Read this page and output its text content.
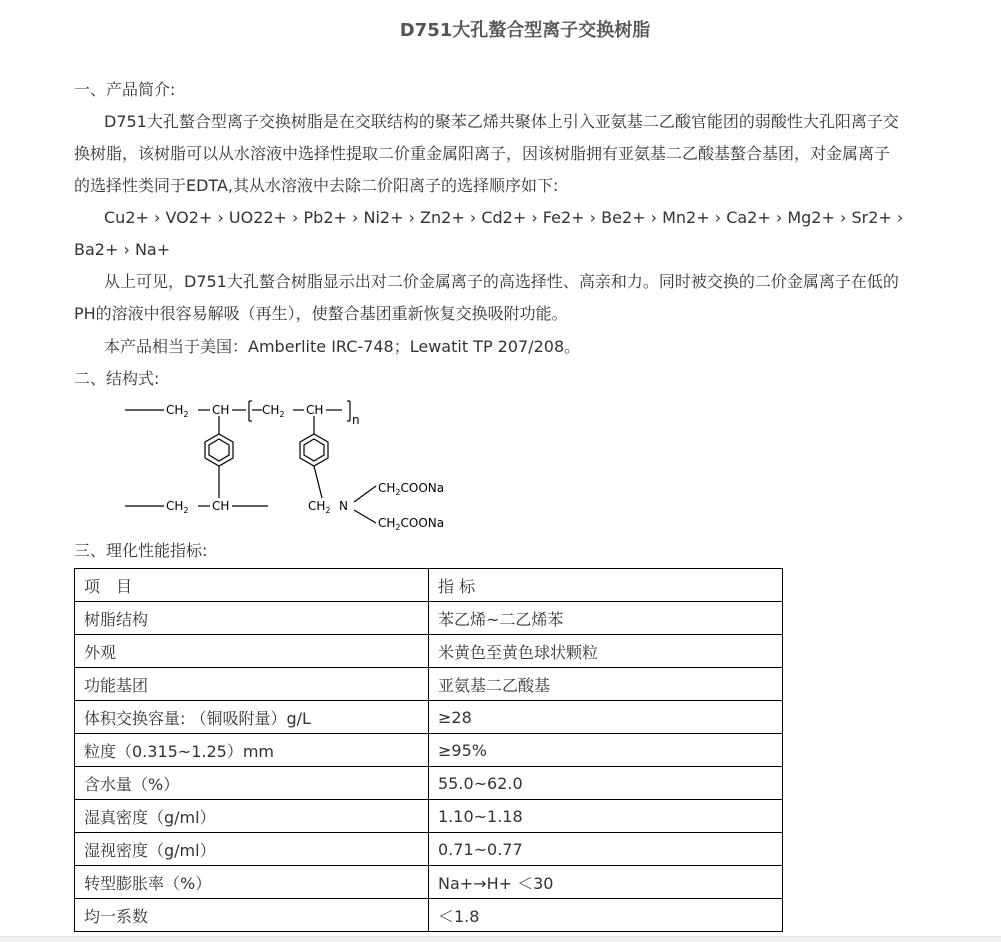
D751大孔螯合型离子交换树脂
一、产品简介:
D751大孔螯合型离子交换树脂是在交联结构的聚苯乙烯共聚体上引入亚氨基二乙酸官能团的弱酸性大孔阳离子交
换树脂，该树脂可以从水溶液中选择性提取二价重金属阳离子，因该树脂拥有亚氨基二乙酸基螯合基团，对金属离子
的选择性类同于EDTA,其从水溶液中去除二价阳离子的选择顺序如下:
Cu2+ › VO2+ › UO22+ › Pb2+ › Ni2+ › Zn2+ › Cd2+ › Fe2+ › Be2+ › Mn2+ › Ca2+ › Mg2+ › Sr2+ ›
Ba2+ › Na+
从上可见，D751大孔螯合树脂显示出对二价金属离子的高选择性、高亲和力。同时被交换的二价金属离子在低的
PH的溶液中很容易解吸（再生），使螯合基团重新恢复交换吸附功能。
本产品相当于美国：Amberlite IRC-748；Lewatit TP 207/208。
二、结构式:
$CH_2$ CH	$CH_2$ CH
n
$CH_2$ CH	$CH_2$ N
$CH_2COONa$
$CH_2COONa$
三、理化性能指标:
项　目	指 标
树脂结构	苯乙烯~二乙烯苯
外观	米黄色至黄色球状颗粒
功能基团	亚氨基二乙酸基
体积交换容量: （铜吸附量）g/L	≥28
粒度（0.315~1.25）mm	≥95%
含水量（%）	55.0~62.0
湿真密度（g/ml）	1.10~1.18
湿视密度（g/ml）	0.71~0.77
转型膨胀率（%）	Na+→H+ ＜30
均一系数	＜1.8
